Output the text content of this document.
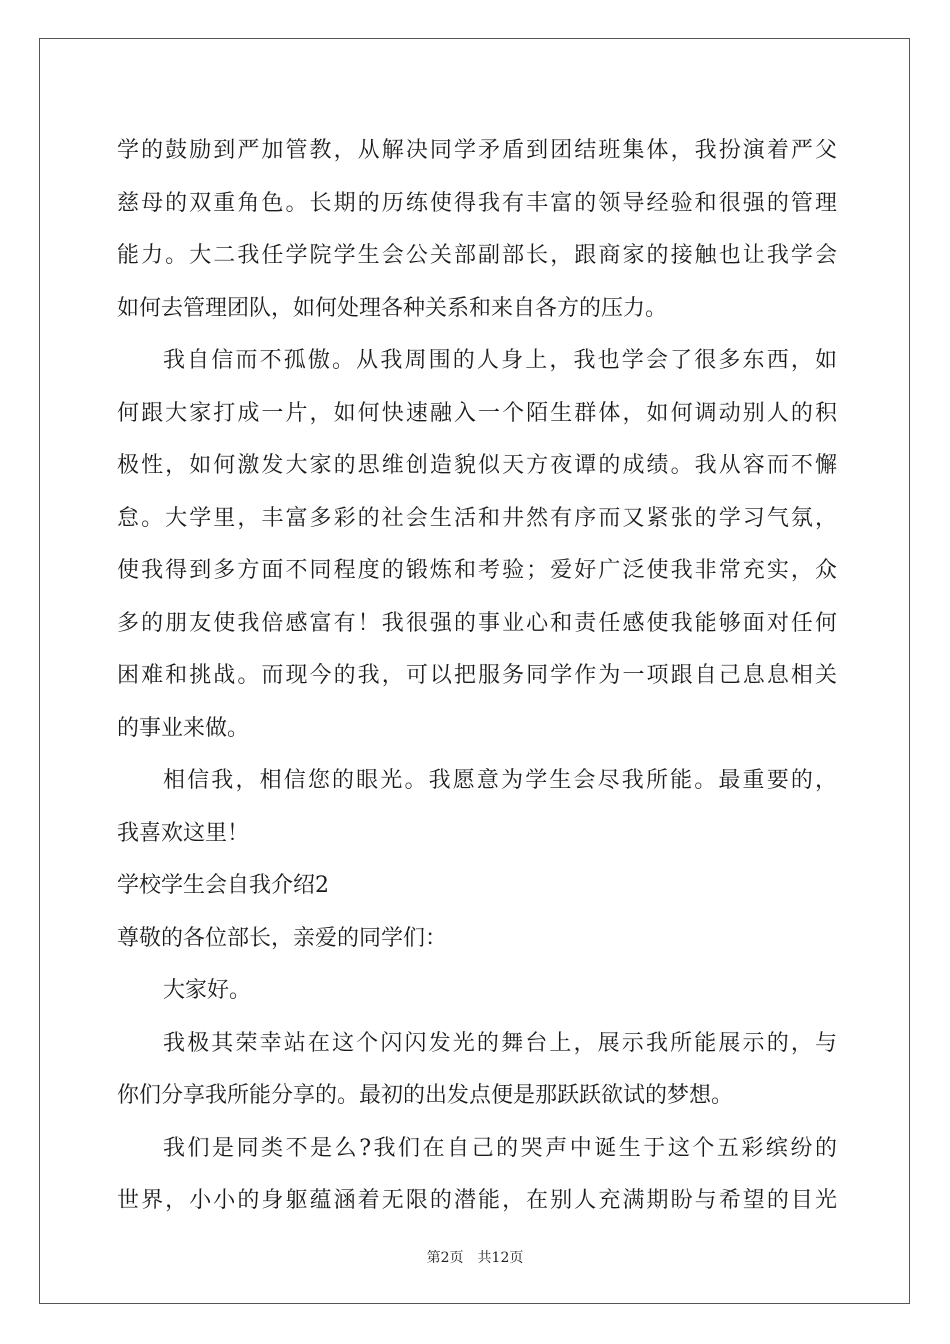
学的鼓励到严加管教，从解决同学矛盾到团结班集体，我扮演着严父
慈母的双重角色。长期的历练使得我有丰富的领导经验和很强的管理
能力。大二我任学院学生会公关部副部长，跟商家的接触也让我学会
如何去管理团队，如何处理各种关系和来自各方的压力。
我自信而不孤傲。从我周围的人身上，我也学会了很多东西，如
何跟大家打成一片，如何快速融入一个陌生群体，如何调动别人的积
极性，如何激发大家的思维创造貌似天方夜谭的成绩。我从容而不懈
怠。大学里，丰富多彩的社会生活和井然有序而又紧张的学习气氛，
使我得到多方面不同程度的锻炼和考验；爱好广泛使我非常充实，众
多的朋友使我倍感富有！我很强的事业心和责任感使我能够面对任何
困难和挑战。而现今的我，可以把服务同学作为一项跟自己息息相关
的事业来做。
相信我，相信您的眼光。我愿意为学生会尽我所能。最重要的，
我喜欢这里！
学校学生会自我介绍2
尊敬的各位部长，亲爱的同学们：
大家好。
我极其荣幸站在这个闪闪发光的舞台上，展示我所能展示的，与
你们分享我所能分享的。最初的出发点便是那跃跃欲试的梦想。
我们是同类不是么?我们在自己的哭声中诞生于这个五彩缤纷的
世界，小小的身躯蕴涵着无限的潜能，在别人充满期盼与希望的目光
第2页　共12页
